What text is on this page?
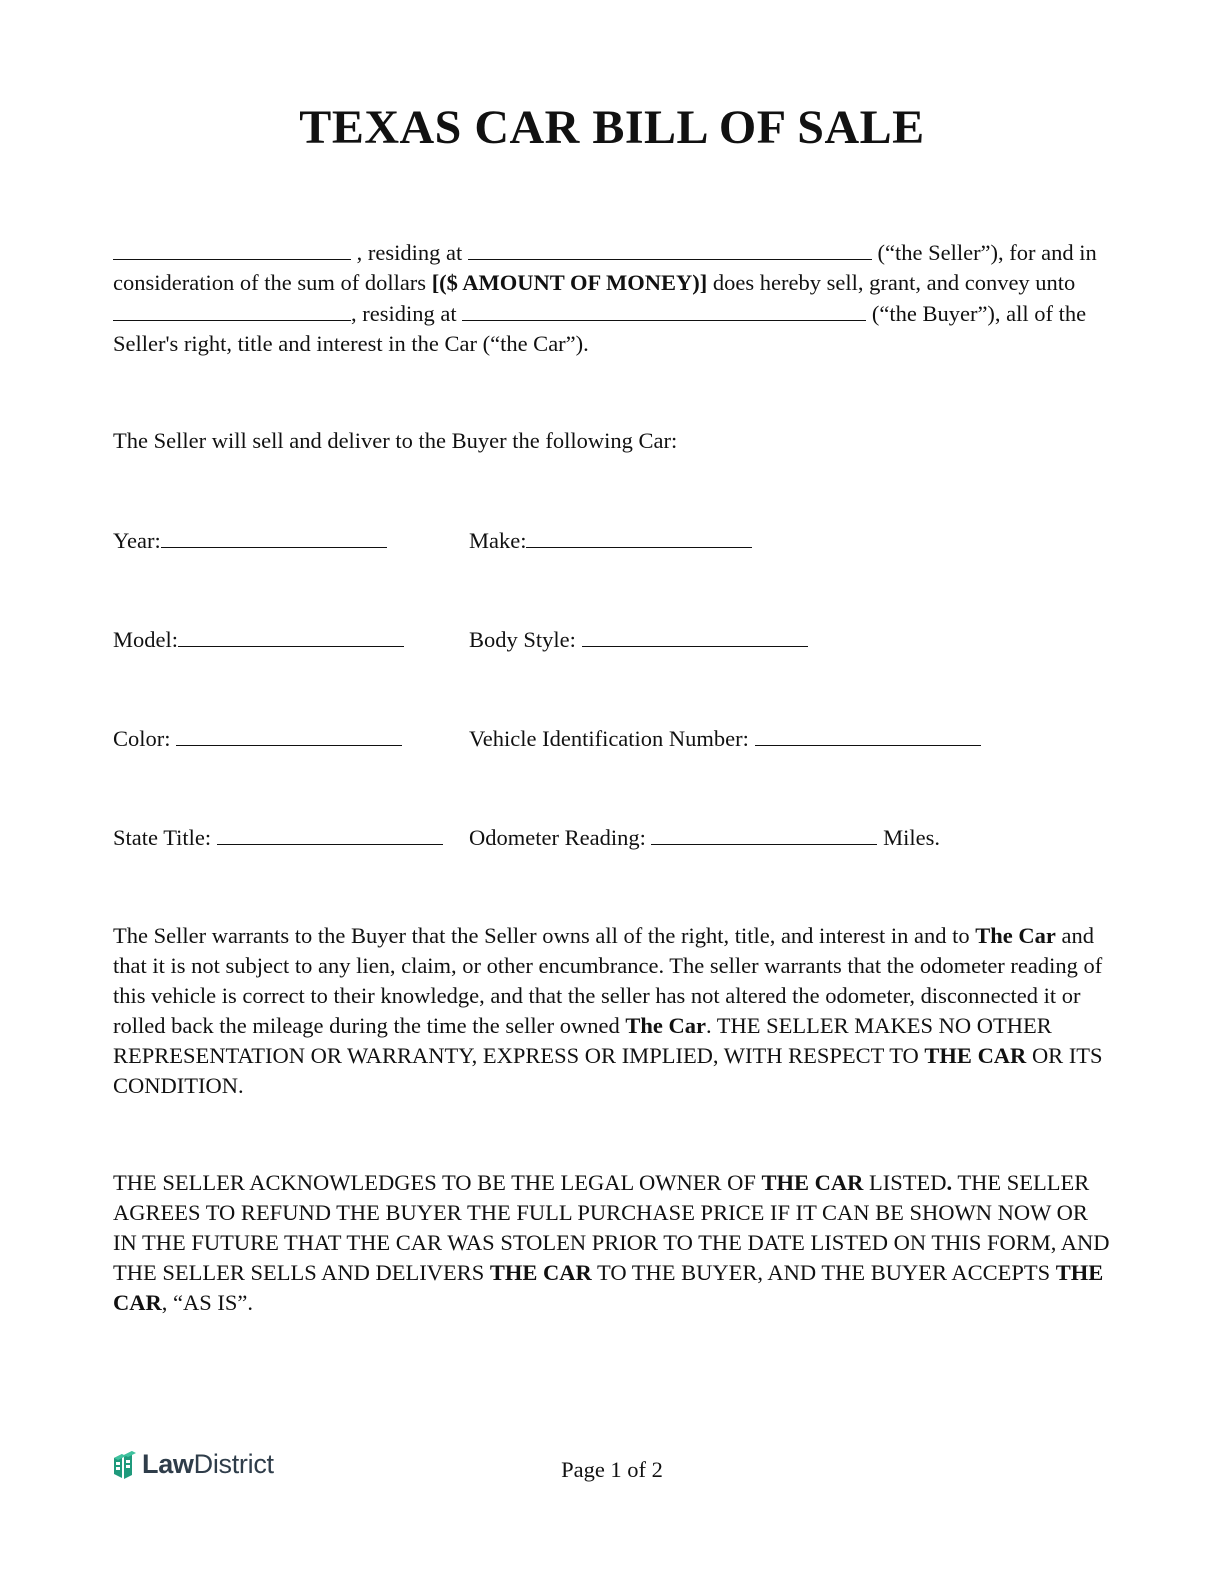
TEXAS CAR BILL OF SALE

, residing at	(“the Seller”), for and in consideration of the sum of dollars [($ AMOUNT OF MONEY)] does hereby sell, grant, and convey unto , residing at	(“the Buyer”), all of the Seller's right, title and interest in the Car (“the Car”).

The Seller will sell and deliver to the Buyer the following Car:

Year:	Make:
Model:	Body Style:
Color:	Vehicle Identification Number:
State Title:	Odometer Reading:	Miles.

The Seller warrants to the Buyer that the Seller owns all of the right, title, and interest in and to The Car and that it is not subject to any lien, claim, or other encumbrance. The seller warrants that the odometer reading of this vehicle is correct to their knowledge, and that the seller has not altered the odometer, disconnected it or rolled back the mileage during the time the seller owned The Car. THE SELLER MAKES NO OTHER REPRESENTATION OR WARRANTY, EXPRESS OR IMPLIED, WITH RESPECT TO THE CAR OR ITS CONDITION.

THE SELLER ACKNOWLEDGES TO BE THE LEGAL OWNER OF THE CAR LISTED. THE SELLER AGREES TO REFUND THE BUYER THE FULL PURCHASE PRICE IF IT CAN BE SHOWN NOW OR IN THE FUTURE THAT THE CAR WAS STOLEN PRIOR TO THE DATE LISTED ON THIS FORM, AND THE SELLER SELLS AND DELIVERS THE CAR TO THE BUYER, AND THE BUYER ACCEPTS THE CAR, “AS IS”.

LawDistrict	Page 1 of 2
